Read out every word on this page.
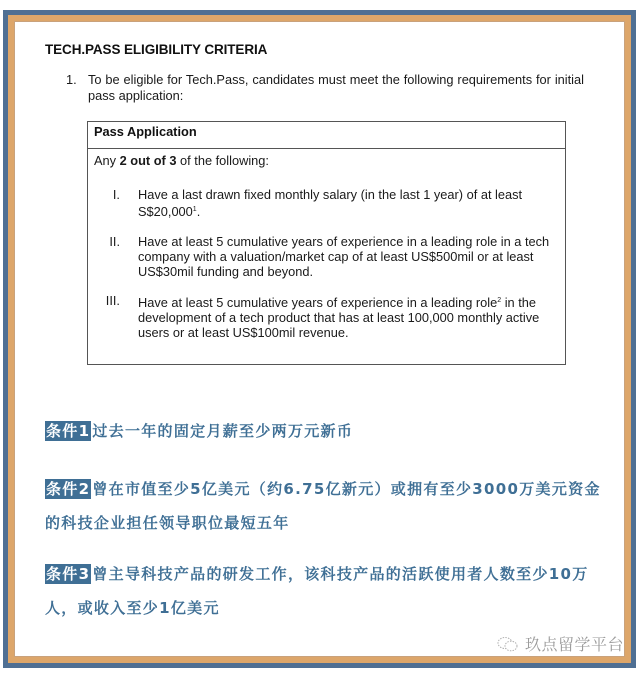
TECH.PASS ELIGIBILITY CRITERIA
1. To be eligible for Tech.Pass, candidates must meet the following requirements for initial pass application:
Pass Application
Any 2 out of 3 of the following:
I.	Have a last drawn fixed monthly salary (in the last 1 year) of at least
S$20,000$^1$.
II.	Have at least 5 cumulative years of experience in a leading role in a tech
company with a valuation/market cap of at least US$500mil or at least
US$30mil funding and beyond.
III.	Have at least 5 cumulative years of experience in a leading role$^2$ in the
development of a tech product that has at least 100,000 monthly active
users or at least US$100mil revenue.
条件1 过去一年的固定月薪至少两万元新币
条件2 曾在市值至少5亿美元（约6.75亿新元）或拥有至少3000万美元资金的科技企业担任领导职位最短五年
条件3 曾主导科技产品的研发工作，该科技产品的活跃使用者人数至少10万人，或收入至少1亿美元
玖点留学平台
